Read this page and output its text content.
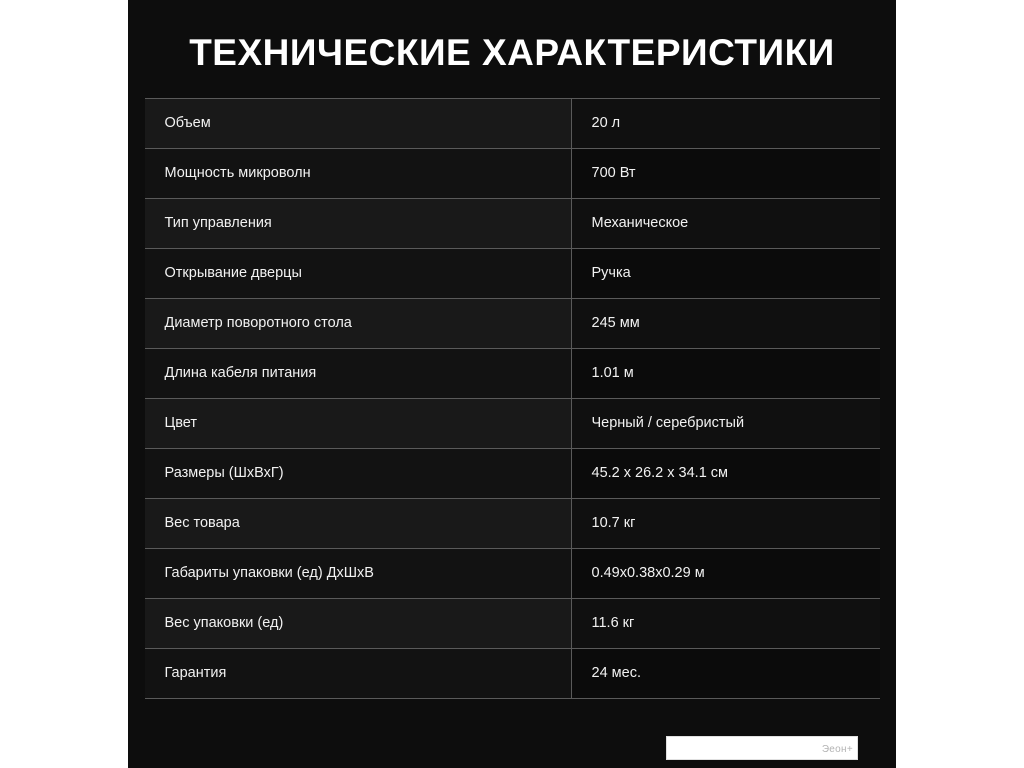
ТЕХНИЧЕСКИЕ ХАРАКТЕРИСТИКИ
Объем	20 л
Мощность микроволн	700 Вт
Тип управления	Механическое
Открывание дверцы	Ручка
Диаметр поворотного стола	245 мм
Длина кабеля питания	1.01 м
Цвет	Черный / серебристый
Размеры (ШхВхГ)	45.2 x 26.2 x 34.1 см
Вес товара	10.7 кг
Габариты упаковки (ед) ДхШхВ	0.49x0.38x0.29 м
Вес упаковки (ед)	11.6 кг
Гарантия	24 мес.
Эеон+
